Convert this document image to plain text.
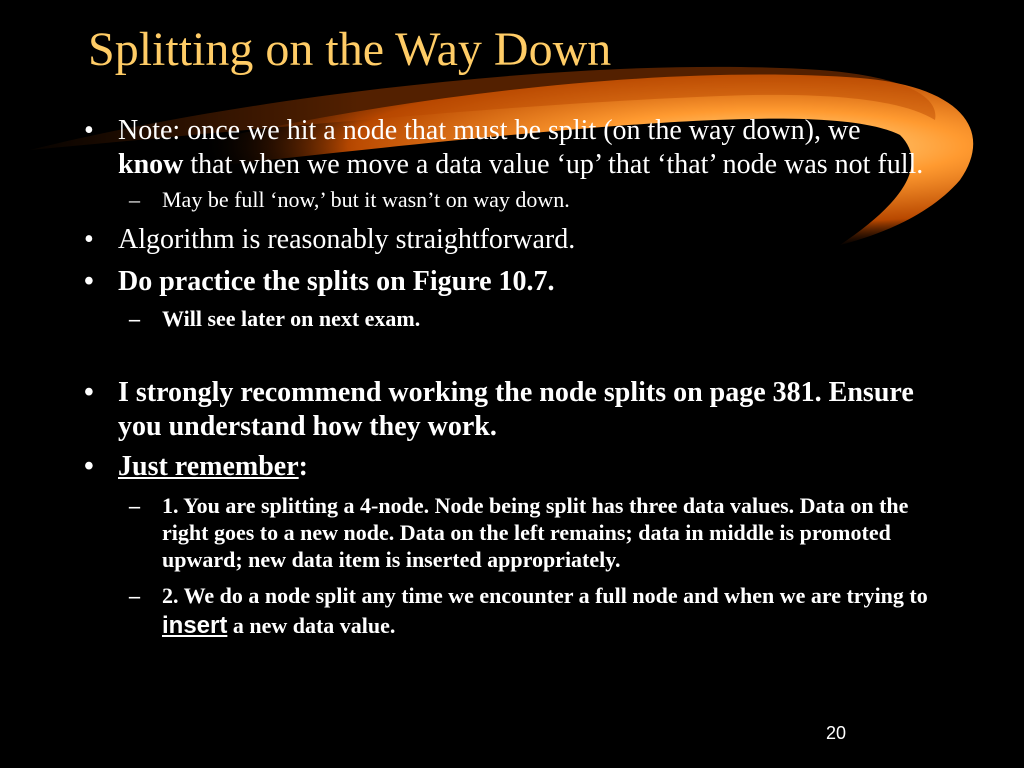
Splitting on the Way Down
• Note: once we hit a node that must be split (on the way down), we know that when we move a data value ‘up’ that ‘that’ node was not full.
– May be full ‘now,’ but it wasn’t on way down.
• Algorithm is reasonably straightforward.
• Do practice the splits on Figure 10.7.
– Will see later on next exam.
• I strongly recommend working the node splits on page 381. Ensure you understand how they work.
• Just remember:
– 1. You are splitting a 4-node. Node being split has three data values. Data on the right goes to a new node. Data on the left remains; data in middle is promoted upward; new data item is inserted appropriately.
– 2. We do a node split any time we encounter a full node and when we are trying to insert a new data value.
20
